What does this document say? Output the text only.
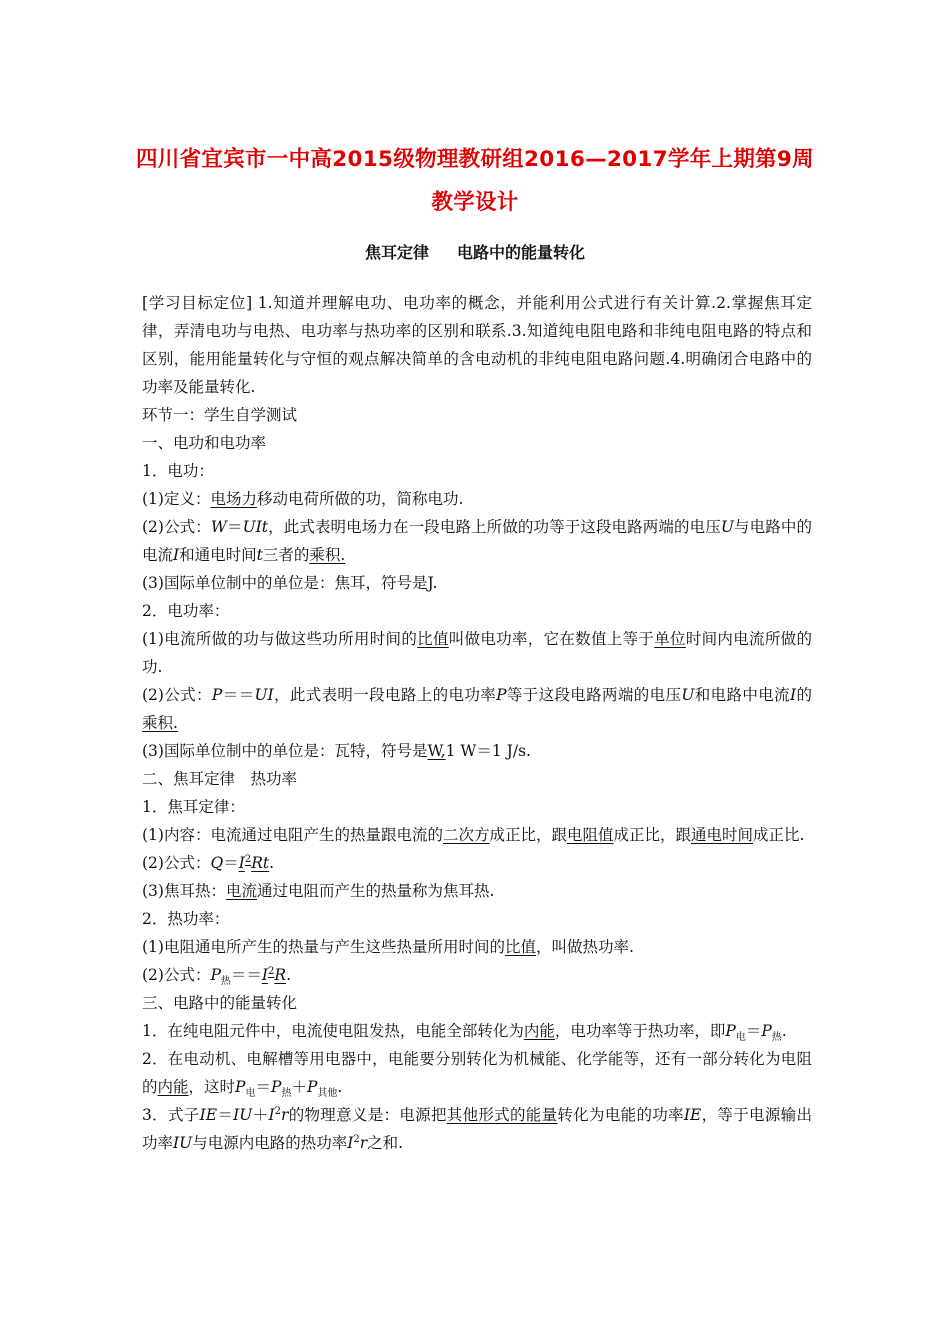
四川省宜宾市一中高2015级物理教研组2016—2017学年上期第9周
教学设计
焦耳定律 电路中的能量转化

[学习目标定位] 1.知道并理解电功、电功率的概念，并能利用公式进行有关计算.2.掌握焦耳定律，弄清电功与电热、电功率与热功率的区别和联系.3.知道纯电阻电路和非纯电阻电路的特点和区别，能用能量转化与守恒的观点解决简单的含电动机的非纯电阻电路问题.4.明确闭合电路中的功率及能量转化.

环节一：学生自学测试

一、电功和电功率

1．电功：

(1)定义：电场力移动电荷所做的功，简称电功.

(2)公式：W＝UIt，此式表明电场力在一段电路上所做的功等于这段电路两端的电压U与电路中的电流I和通电时间t三者的乘积.

(3)国际单位制中的单位是：焦耳，符号是J.

2．电功率：

(1)电流所做的功与做这些功所用时间的比值叫做电功率，它在数值上等于单位时间内电流所做的功.

(2)公式：P＝＝UI，此式表明一段电路上的电功率P等于这段电路两端的电压U和电路中电流I的乘积.

(3)国际单位制中的单位是：瓦特，符号是W,1 W＝1 J/s.

二、焦耳定律　热功率

1．焦耳定律：

(1)内容：电流通过电阻产生的热量跟电流的二次方成正比，跟电阻值成正比，跟通电时间成正比.

(2)公式：$Q=I^2Rt$.

(3)焦耳热：电流通过电阻而产生的热量称为焦耳热.

2．热功率：

(1)电阻通电所产生的热量与产生这些热量所用时间的比值，叫做热功率.

(2)公式：$P_热==I^2R$.

三、电路中的能量转化

1．在纯电阻元件中，电流使电阻发热，电能全部转化为内能，电功率等于热功率，即$P_电=P_热$.

2．在电动机、电解槽等用电器中，电能要分别转化为机械能、化学能等，还有一部分转化为电阻的内能，这时$P_电=P_热+P_{其他}$.

3．式子$IE=IU+I^2r$的物理意义是：电源把其他形式的能量转化为电能的功率IE，等于电源输出功率IU与电源内电路的热功率$I^2r$之和.
